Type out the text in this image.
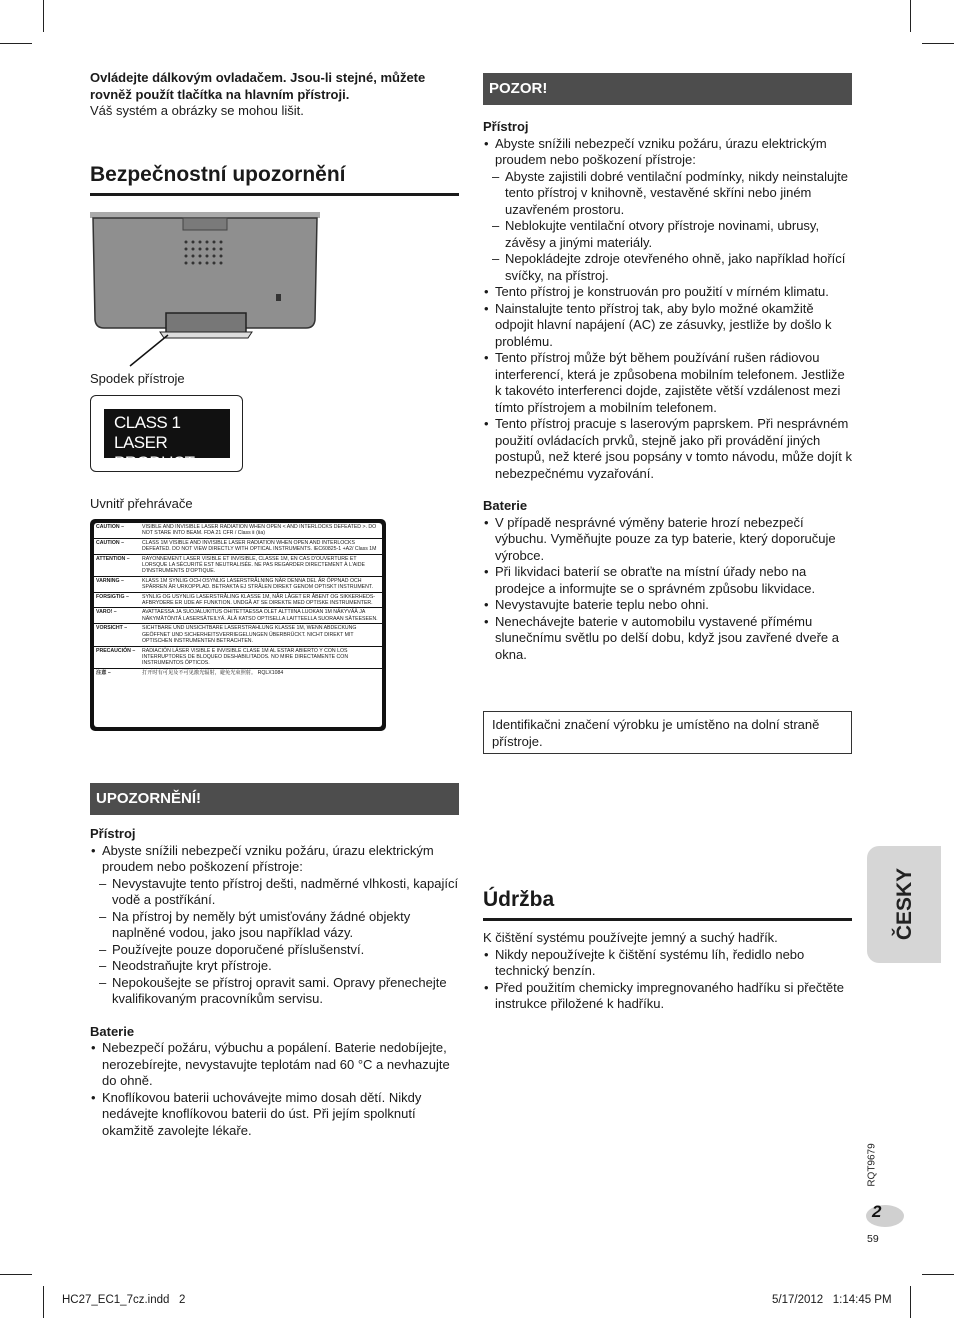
Ovládejte dálkovým ovladačem. Jsou-li stejné, můžete rovněž použít tlačítka na hlavním přístroji.
Váš systém a obrázky se mohou lišit.
Bezpečnostní upozornění
Spodek přístroje
CLASS 1
LASER PRODUCT
Uvnitř přehrávače
CAUTION –	VISIBLE AND INVISIBLE LASER RADIATION WHEN OPEN < AND INTERLOCKS DEFEATED >. DO NOT STARE INTO BEAM. FDA 21 CFR / Class Ⅱ (Ⅱa)
CAUTION –	CLASS 1M VISIBLE AND INVISIBLE LASER RADIATION WHEN OPEN AND INTERLOCKS DEFEATED. DO NOT VIEW DIRECTLY WITH OPTICAL INSTRUMENTS. IEC60825-1 +A2/ Class 1M
ATTENTION –	RAYONNEMENT LASER VISIBLE ET INVISIBLE, CLASSE 1M, EN CAS D'OUVERTURE ET LORSQUE LA SÉCURITÉ EST NEUTRALISÉE. NE PAS REGARDER DIRECTEMENT À L'AIDE D'INSTRUMENTS D'OPTIQUE.
VARNING –	KLASS 1M SYNLIG OCH OSYNLIG LASERSTRÅLNING NÄR DENNA DEL ÄR ÖPPNAD OCH SPÄRREN ÄR URKOPPLAD. BETRAKTA EJ STRÅLEN DIREKT GENOM OPTISKT INSTRUMENT.
FORSIGTIG –	SYNLIG OG USYNLIG LASERSTRÅLING KLASSE 1M, NÅR LÅGET ER ÅBENT OG SIKKERHEDS-AFBRYDERE ER UDE AF FUNKTION. UNDGÅ AT SE DIREKTE MED OPTISKE INSTRUMENTER.
VARO! –	AVATTAESSA JA SUOJALUKITUS OHITETTAESSA OLET ALTTIINA LUOKAN 1M NÄKYVÄÄ JA NÄKYMÄTÖNTÄ LASERSÄTEILYÄ. ÄLÄ KATSO OPTISELLA LAITTEELLA SUORAAN SÄTEESEEN.
VORSICHT –	SICHTBARE UND UNSICHTBARE LASERSTRAHLUNG KLASSE 1M, WENN ABDECKUNG GEÖFFNET UND SICHERHEITSVERRIEGELUNGEN ÜBERBRÜCKT. NICHT DIREKT MIT OPTISCHEN INSTRUMENTEN BETRACHTEN.
PRECAUCIÓN –	RADIACIÓN LÁSER VISIBLE E INVISIBLE CLASE 1M AL ESTAR ABIERTO Y CON LOS INTERRUPTORES DE BLOQUEO DESHABILITADOS. NO MIRE DIRECTAMENTE CON INSTRUMENTOS ÓPTICOS.
注意 –	打开时有可见及不可见激光辐射，避免光束照射。 RQLX1084
UPOZORNĚNÍ!
Přístroj
• Abyste snížili nebezpečí vzniku požáru, úrazu elektrickým proudem nebo poškození přístroje:
– Nevystavujte tento přístroj dešti, nadměrné vlhkosti, kapající vodě a postříkání.
– Na přístroj by neměly být umisťovány žádné objekty naplněné vodou, jako jsou například vázy.
– Používejte pouze doporučené příslušenství.
– Neodstraňujte kryt přístroje.
– Nepokoušejte se přístroj opravit sami. Opravy přenechejte kvalifikovaným pracovníkům servisu.
Baterie
• Nebezpečí požáru, výbuchu a popálení. Baterie nedobíjejte, nerozebírejte, nevystavujte teplotám nad 60 °C a nevhazujte do ohně.
• Knoflíkovou baterii uchovávejte mimo dosah dětí. Nikdy nedávejte knoflíkovou baterii do úst. Při jejím spolknutí okamžitě zavolejte lékaře.
POZOR!
Přístroj
• Abyste snížili nebezpečí vzniku požáru, úrazu elektrickým proudem nebo poškození přístroje:
– Abyste zajistili dobré ventilační podmínky, nikdy neinstalujte tento přístroj v knihovně, vestavěné skříni nebo jiném uzavřeném prostoru.
– Neblokujte ventilační otvory přístroje novinami, ubrusy, závěsy a jinými materiály.
– Nepokládejte zdroje otevřeného ohně, jako například hořící svíčky, na přístroj.
• Tento přístroj je konstruován pro použití v mírném klimatu.
• Nainstalujte tento přístroj tak, aby bylo možné okamžitě odpojit hlavní napájení (AC) ze zásuvky, jestliže by došlo k problému.
• Tento přístroj může být během používání rušen rádiovou interferencí, která je způsobena mobilním telefonem. Jestliže k takovéto interferenci dojde, zajistěte větší vzdálenost mezi tímto přístrojem a mobilním telefonem.
• Tento přístroj pracuje s laserovým paprskem. Při nesprávném použití ovládacích prvků, stejně jako při provádění jiných postupů, než které jsou popsány v tomto návodu, může dojít k nebezpečnému vyzařování.
Baterie
• V případě nesprávné výměny baterie hrozí nebezpečí výbuchu. Vyměňujte pouze za typ baterie, který doporučuje výrobce.
• Při likvidaci baterií se obraťte na místní úřady nebo na prodejce a informujte se o správném způsobu likvidace.
• Nevystavujte baterie teplu nebo ohni.
• Nenechávejte baterie v automobilu vystavené přímému slunečnímu světlu po delší dobu, když jsou zavřené dveře a okna.
Identifikačni značení výrobku je umístěno na dolní straně přístroje.
Údržba
K čištění systému používejte jemný a suchý hadřík.
• Nikdy nepoužívejte k čištění systému líh, ředidlo nebo technický benzín.
• Před použitím chemicky impregnovaného hadříku si přečtěte instrukce přiložené k hadříku.
ČESKY
RQT9679
2
59
HC27_EC1_7cz.indd   2	5/17/2012   1:14:45 PM
